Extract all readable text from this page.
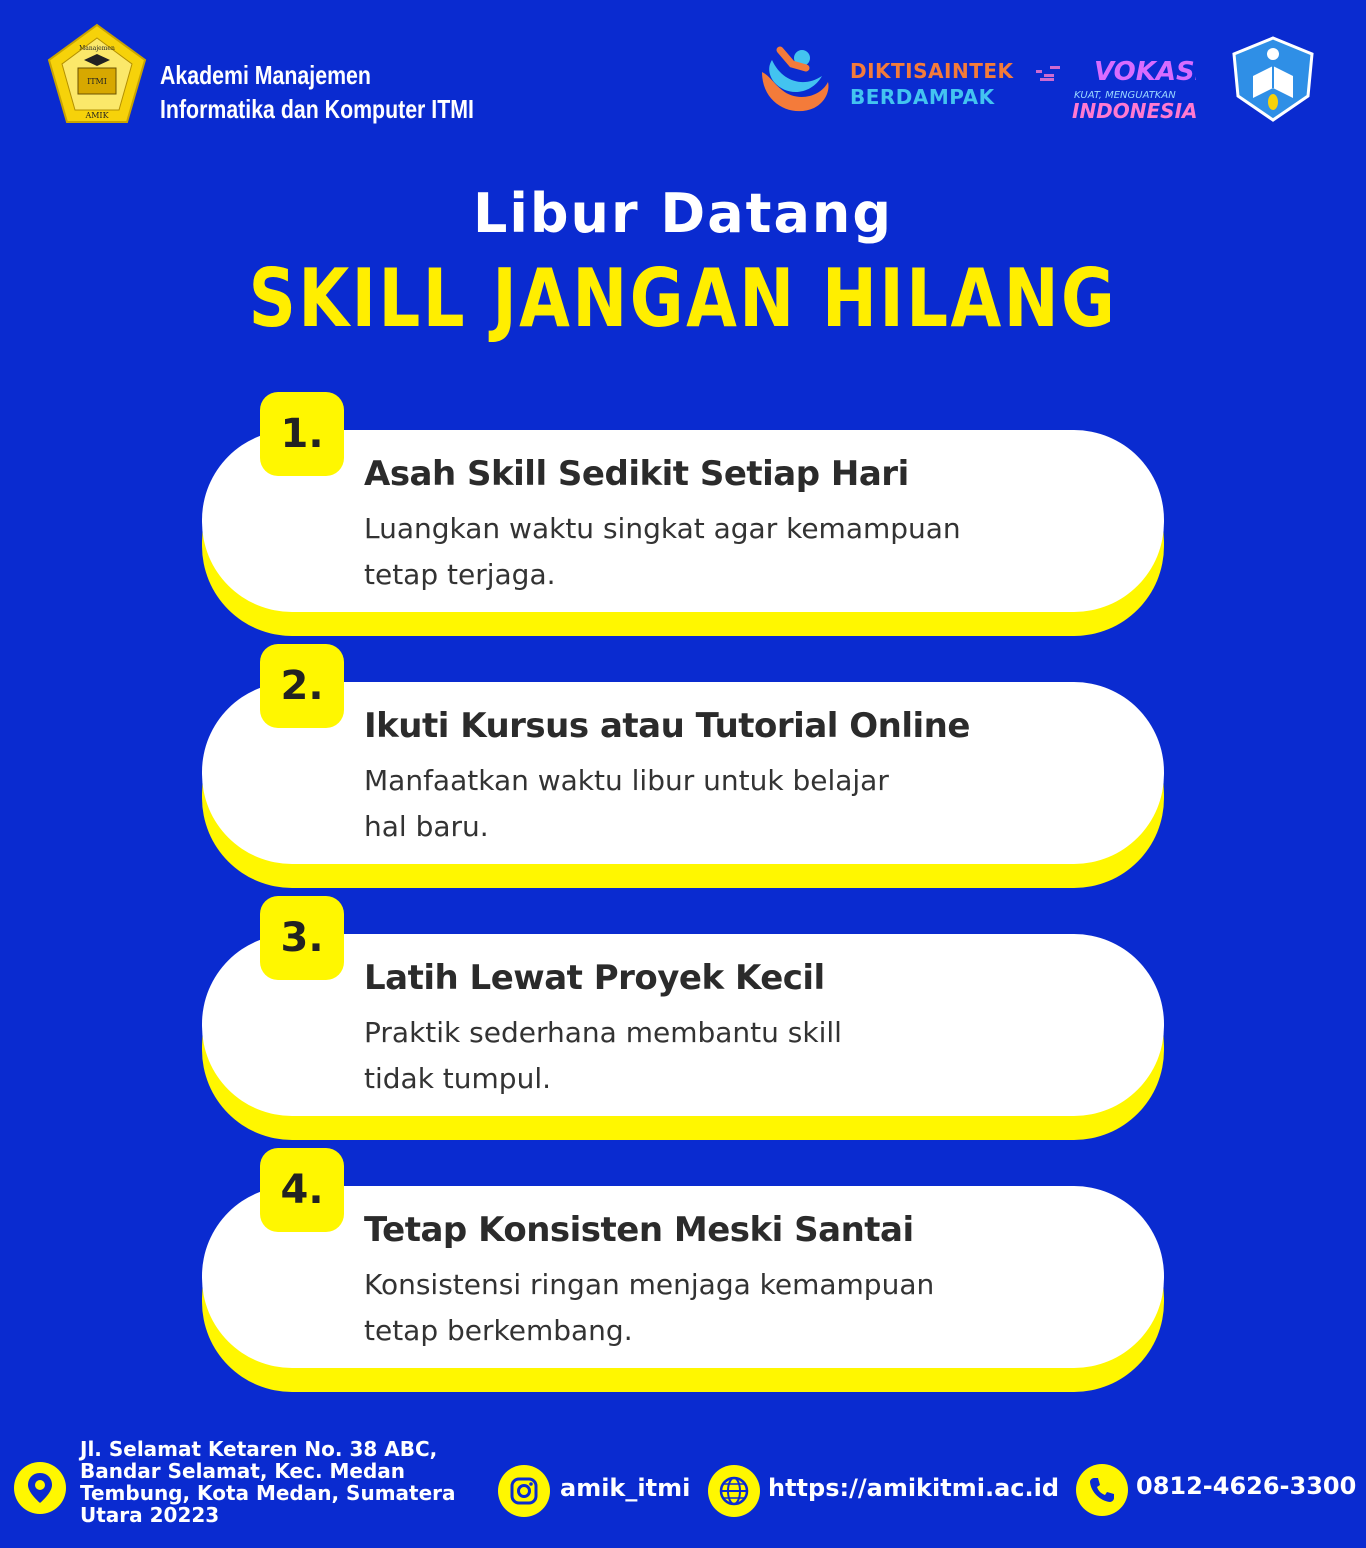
ITMI
AMIK
Manajemen
Akademi Manajemen
Informatika dan Komputer ITMI
DIKTISAINTEK
BERDAMPAK
VOKASI
KUAT, MENGUATKAN
INDONESIA
Libur Datang
SKILL JANGAN HILANG
Asah Skill Sedikit Setiap Hari
Luangkan waktu singkat agar kemampuan
tetap terjaga.
1.
Ikuti Kursus atau Tutorial Online
Manfaatkan waktu libur untuk belajar
hal baru.
2.
Latih Lewat Proyek Kecil
Praktik sederhana membantu skill
tidak tumpul.
3.
Tetap Konsisten Meski Santai
Konsistensi ringan menjaga kemampuan
tetap berkembang.
4.
Jl. Selamat Ketaren No. 38 ABC,
Bandar Selamat, Kec. Medan
Tembung, Kota Medan, Sumatera
Utara 20223
amik_itmi	https://amikitmi.ac.id	0812-4626-3300
